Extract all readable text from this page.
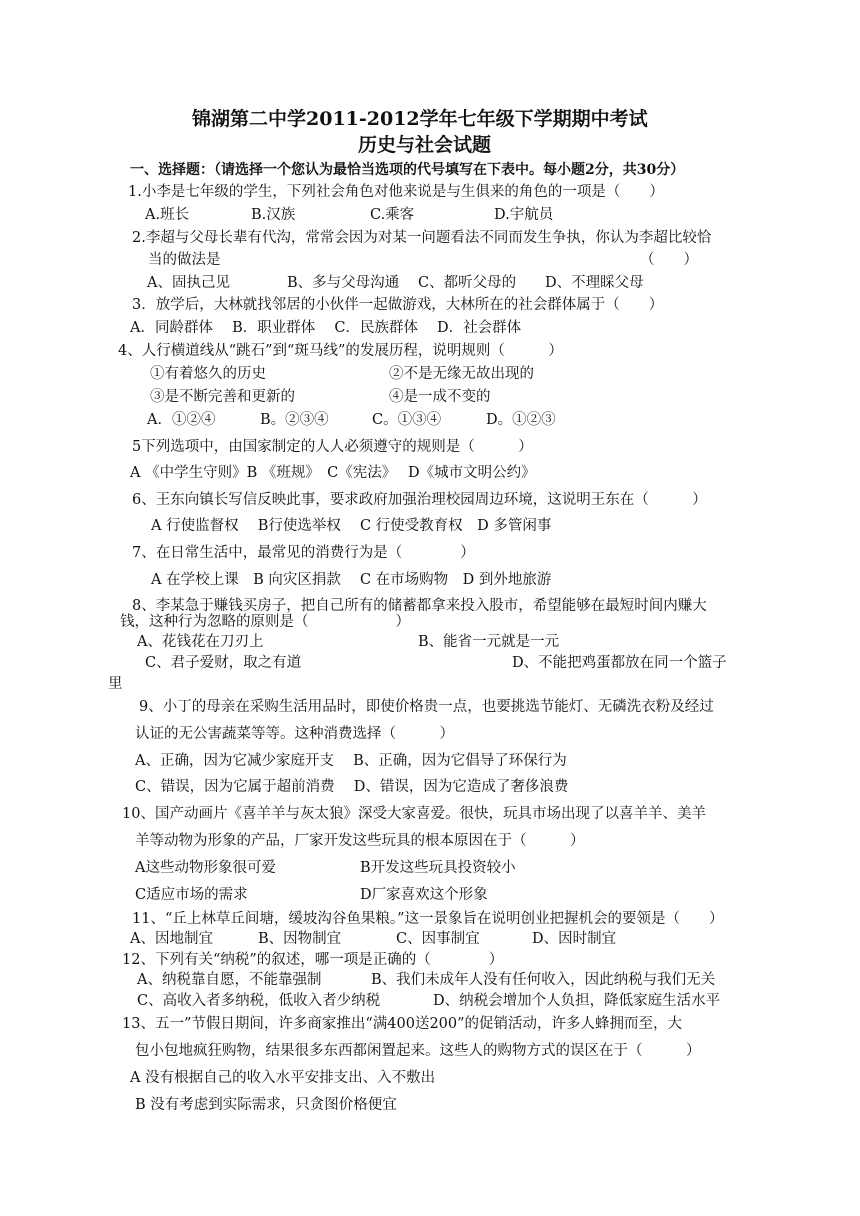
锦湖第二中学2011-2012学年七年级下学期期中考试
历史与社会试题
一、选择题：（请选择一个您认为最恰当选项的代号填写在下表中。每小题2分，共30分）
1.小李是七年级的学生，下列社会角色对他来说是与生俱来的角色的一项是（　　）
A.班长	B.汉族	C.乘客	D.宇航员
2.李超与父母长辈有代沟，常常会因为对某一问题看法不同而发生争执，你认为李超比较恰
当的做法是	（　　）
A、固执己见	B、多与父母沟通 C、都听父母的 D、不理睬父母
3．放学后，大林就找邻居的小伙伴一起做游戏，大林所在的社会群体属于（　　）
A．同龄群体　 B．职业群体　 C．民族群体　 D．社会群体
4、人行横道线从“跳石”到“斑马线”的发展历程，说明规则（　　　）
①有着悠久的历史	②不是无缘无故出现的
③是不断完善和更新的	④是一成不变的
A．①②④	B。②③④	C。①③④	D。①②③
5下列选项中，由国家制定的人人必须遵守的规则是（　　　）
A 《中学生守则》B 《班规》　C《宪法》　 D《城市文明公约》
6、王东向镇长写信反映此事，要求政府加强治理校园周边环境，这说明王东在（　　　）
A 行使监督权　 B行使选举权　 C 行使受教育权　D 多管闲事
7、在日常生活中，最常见的消费行为是（　　　　）
A 在学校上课　B 向灾区捐款　 C 在市场购物　D 到外地旅游
8、李某急于赚钱买房子，把自己所有的储蓄都拿来投入股市，希望能够在最短时间内赚大
钱，这种行为忽略的原则是（　　　　　　）
A、花钱花在刀刃上	B、能省一元就是一元
C、君子爱财，取之有道	D、不能把鸡蛋都放在同一个篮子
里
9、小丁的母亲在采购生活用品时，即使价格贵一点，也要挑选节能灯、无磷洗衣粉及经过
认证的无公害蔬菜等等。这种消费选择（　　　）
A、正确，因为它减少家庭开支　 B、正确，因为它倡导了环保行为
C、错误，因为它属于超前消费　 D、错误，因为它造成了奢侈浪费
10、国产动画片《喜羊羊与灰太狼》深受大家喜爱。很快，玩具市场出现了以喜羊羊、美羊
羊等动物为形象的产品，厂家开发这些玩具的根本原因在于（　　　）
A这些动物形象很可爱	B开发这些玩具投资较小
C适应市场的需求	D厂家喜欢这个形象
11、“丘上林草丘间塘，缓坡沟谷鱼果粮。”这一景象旨在说明创业把握机会的要领是（　　）
A、因地制宜	B、因物制宜	C、因事制宜	D、因时制宜
12、下列有关“纳税”的叙述，哪一项是正确的（　　　　）
A、纳税靠自愿，不能靠强制	B、我们未成年人没有任何收入，因此纳税与我们无关
C、高收入者多纳税，低收入者少纳税	D、纳税会增加个人负担，降低家庭生活水平
13、五一”节假日期间，许多商家推出“满400送200”的促销活动，许多人蜂拥而至，大
包小包地疯狂购物，结果很多东西都闲置起来。这些人的购物方式的误区在于（　　　）
A 没有根据自己的收入水平安排支出、入不敷出
B 没有考虑到实际需求，只贪图价格便宜
